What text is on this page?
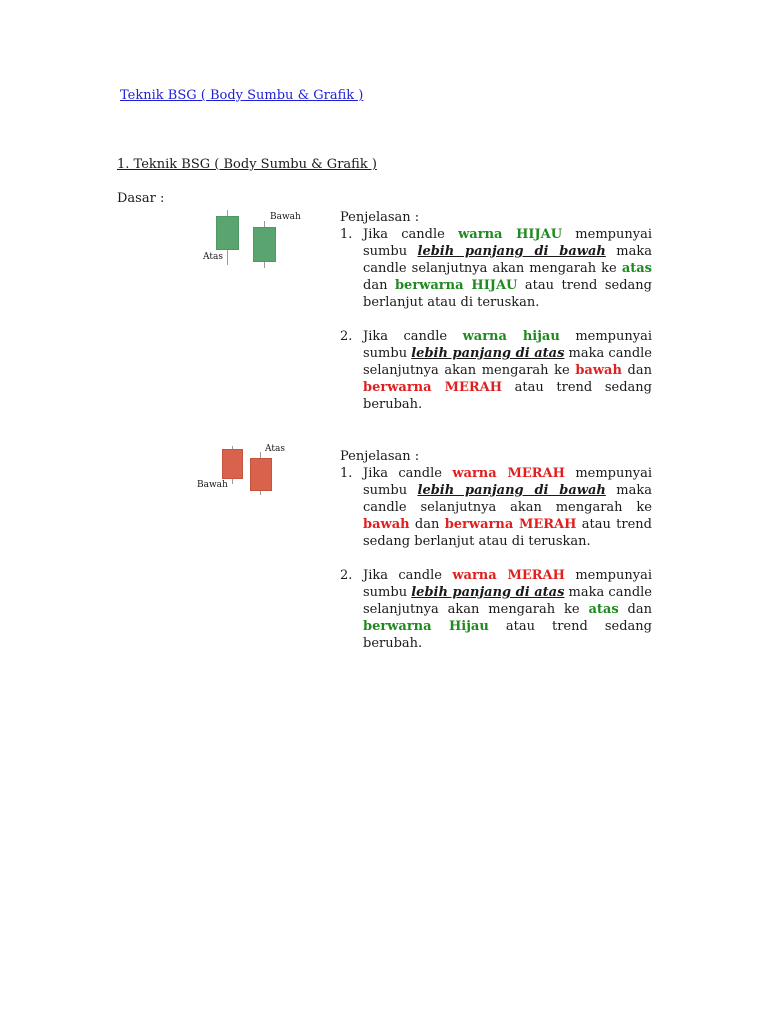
Teknik BSG ( Body Sumbu & Grafik )
1. Teknik BSG ( Body Sumbu & Grafik )
Dasar :
Bawah
Atas
Penjelasan :
1. Jika candle warna HIJAU mempunyai sumbu lebih panjang di bawah maka candle selanjutnya akan mengarah ke atas dan berwarna HIJAU atau trend sedang berlanjut atau di teruskan.
2. Jika candle warna hijau mempunyai sumbu lebih panjang di atas maka candle selanjutnya akan mengarah ke bawah dan berwarna MERAH atau trend sedang berubah.
Atas
Bawah
Penjelasan :
1. Jika candle warna MERAH mempunyai sumbu lebih panjang di bawah maka candle selanjutnya akan mengarah ke bawah dan berwarna MERAH atau trend sedang berlanjut atau di teruskan.
2. Jika candle warna MERAH mempunyai sumbu lebih panjang di atas maka candle selanjutnya akan mengarah ke atas dan berwarna Hijau atau trend sedang berubah.
